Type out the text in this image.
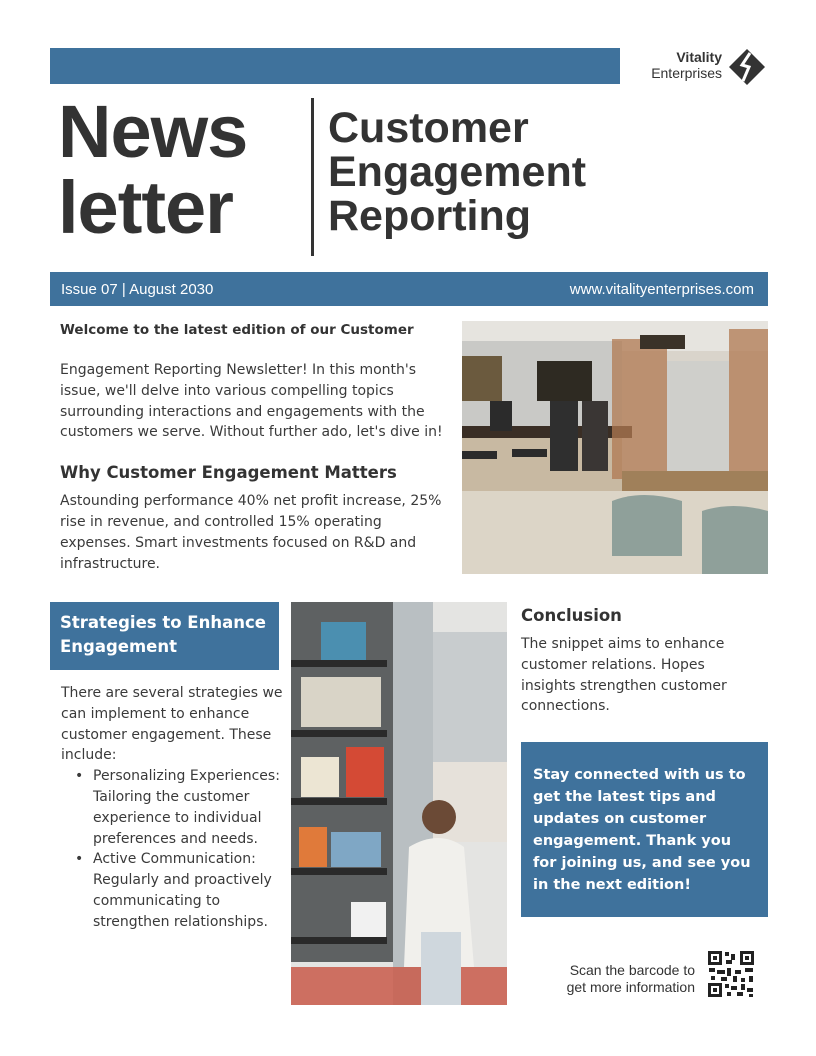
Vitality
Enterprises
News
letter
Customer
Engagement
Reporting
Issue 07 | August 2030	www.vitalityenterprises.com
Welcome to the latest edition of our Customer
Engagement Reporting Newsletter! In this month's issue, we'll delve into various compelling topics surrounding interactions and engagements with the customers we serve. Without further ado, let's dive in!
Why Customer Engagement Matters
Astounding performance 40% net profit increase, 25% rise in revenue, and controlled 15% operating expenses. Smart investments focused on R&D and infrastructure.
Strategies to Enhance Engagement
There are several strategies we can implement to enhance customer engagement. These include:
• Personalizing Experiences: Tailoring the customer experience to individual preferences and needs.
• Active Communication: Regularly and proactively communicating to strengthen relationships.
Conclusion
The snippet aims to enhance customer relations. Hopes insights strengthen customer connections.
Stay connected with us to get the latest tips and updates on customer engagement. Thank you for joining us, and see you in the next edition!
Scan the barcode to
get more information
